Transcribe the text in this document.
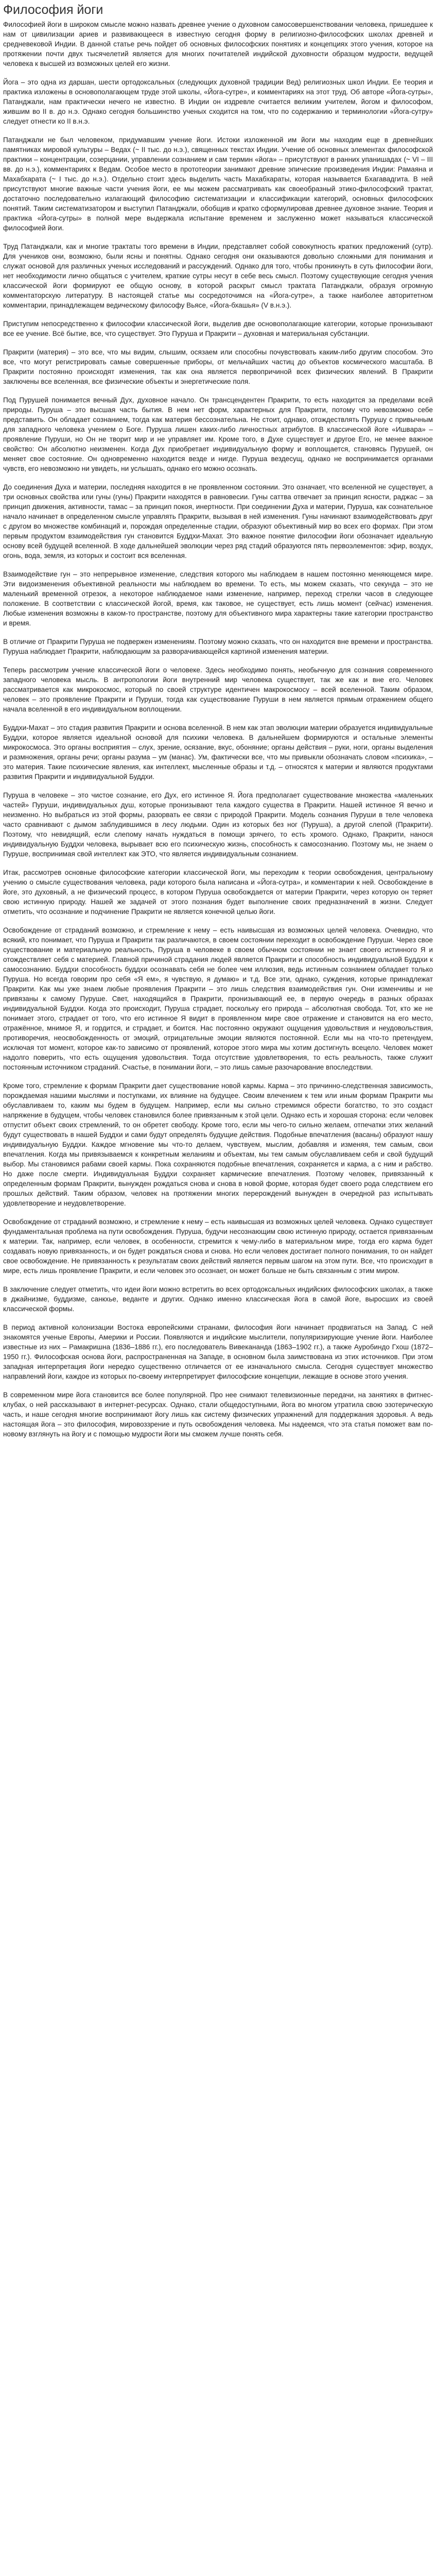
Философия йоги

Философией йоги в широком смысле можно назвать древнее учение о духовном самосовершенствовании человека, пришедшее к нам от цивилизации ариев и развивающееся в известную сегодня форму в религиозно-философских школах древней и средневековой Индии. В данной статье речь пойдет об основных философских понятиях и концепциях этого учения, которое на протяжении почти двух тысячелетий является для многих почитателей индийской духовности образцом мудрости, ведущей человека к высшей из возможных целей его жизни.

Йога – это одна из даршан, шести ортодоксальных (следующих духовной традиции Вед) религиозных школ Индии. Ее теория и практика изложены в основополагающем труде этой школы, «Йога-сутре», и комментариях на этот труд. Об авторе «Йога-сутры», Патанджали, нам практически нечего не известно. В Индии он издревле считается великим учителем, йогом и философом, жившим во II в. до н.э. Однако сегодня большинство ученых сходится на том, что по содержанию и терминологии «Йога-сутру» следует отнести ко II в.н.э.

Патанджали не был человеком, придумавшим учение йоги. Истоки изложенной им йоги мы находим еще в древнейших памятниках мировой культуры – Ведах (~ II тыс. до н.э.), священных текстах Индии. Учение об основных элементах философской практики – концентрации, созерцании, управлении сознанием и сам термин «йога» – присутствуют в ранних упанишадах (~ VI – III вв. до н.э.), комментариях к Ведам. Особое место в прототеории занимают древние эпические произведения Индии: Рамаяна и Махабхарата (~ I тыс. до н.э.). Отдельно стоит здесь выделить часть Махабхараты, которая называется Бхагавадгита. В ней присутствуют многие важные части учения йоги, ее мы можем рассматривать как своеобразный этико-философский трактат, достаточно последовательно излагающий философию систематизации и классификации категорий, основных философских понятий. Таким систематизатором и выступил Патанджали, обобщив и кратко сформулировав древнее духовное знание. Теория и практика «Йога-сутры» в полной мере выдержала испытание временем и заслуженно может называться классической философией йоги.

Труд Патанджали, как и многие трактаты того времени в Индии, представляет собой совокупность кратких предложений (сутр). Для учеников они, возможно, были ясны и понятны. Однако сегодня они оказываются довольно сложными для понимания и служат основой для различных ученых исследований и рассуждений. Однако для того, чтобы проникнуть в суть философии йоги, нет необходимости лично общаться с учителем, краткие сутры несут в себе весь смысл. Поэтому существующие сегодня учения классической йоги формируют ее общую основу, в которой раскрыт смысл трактата Патанджали, образуя огромную комментаторскую литературу. В настоящей статье мы сосредоточимся на «Йога-сутре», а также наиболее авторитетном комментарии, принадлежащем ведическому философу Вьясе, «Йога-бхашья» (V в.н.э.).

Приступим непосредственно к философии классической йоги, выделив две основополагающие категории, которые пронизывают все ее учение. Всё бытие, все, что существует. Это Пуруша и Пракрити – духовная и материальная субстанции.

Пракрити (материя) – это все, что мы видим, слышим, осязаем или способны почувствовать каким-либо другим способом. Это все, что могут регистрировать самые совершенные приборы, от мельчайших частиц до объектов космического масштаба. В Пракрити постоянно происходят изменения, так как она является первопричиной всех физических явлений. В Пракрити заключены все вселенная, все физические объекты и энергетические поля.

Под Пурушей понимается вечный Дух, духовное начало. Он трансцендентен Пракрити, то есть находится за пределами всей природы. Пуруша – это высшая часть бытия. В нем нет форм, характерных для Пракрити, потому что невозможно себе представить. Он обладает сознанием, тогда как материя бессознательна. Не стоит, однако, отождествлять Пурушу с привычным для западного человека учением о Боге. Пуруша лишен каких-либо личностных атрибутов. В классической йоге «Ишвара» – проявление Пуруши, но Он не творит мир и не управляет им. Кроме того, в Духе существует и другое Его, не менее важное свойство: Он абсолютно неизменен. Когда Дух приобретает индивидуальную форму и воплощается, становясь Пурушей, он меняет свое состояние. Он одновременно находится везде и нигде. Пуруша вездесущ, однако не воспринимается органами чувств, его невозможно ни увидеть, ни услышать, однако его можно осознать.

До соединения Духа и материи, последняя находится в не проявленном состоянии. Это означает, что вселенной не существует, а три основных свойства или гуны (гуны) Пракрити находятся в равновесии. Гуны саттва отвечает за принцип ясности, раджас – за принцип движения, активности, тамас – за принцип покоя, инертности. При соединении Духа и материи, Пуруша, как сознательное начало начинает в определенном смысле управлять Пракрити, вызывая в ней изменения. Гуны начинают взаимодействовать друг с другом во множестве комбинаций и, порождая определенные стадии, образуют объективный мир во всех его формах. При этом первым продуктом взаимодействия гун становится Буддхи-Махат. Это важное понятие философии йоги обозначает идеальную основу всей будущей вселенной. В ходе дальнейшей эволюции через ряд стадий образуются пять первоэлементов: эфир, воздух, огонь, вода, земля, из которых и состоит вся вселенная.

Взаимодействие гун – это непрерывное изменение, следствия которого мы наблюдаем в нашем постоянно меняющемся мире. Эти видоизменения объективной реальности мы наблюдаем во времени. То есть, мы можем сказать, что секунда – это не маленький временной отрезок, а некоторое наблюдаемое нами изменение, например, переход стрелки часов в следующее положение. В соответствии с классической йогой, время, как таковое, не существует, есть лишь момент (сейчас) изменения. Любые изменения возможны в каком-то пространстве, поэтому для объективного мира характерны такие категории пространство и время.

В отличие от Пракрити Пуруша не подвержен изменениям. Поэтому можно сказать, что он находится вне времени и пространства. Пуруша наблюдает Пракрити, наблюдающим за разворачивающейся картиной изменения материи.

Теперь рассмотрим учение классической йоги о человеке. Здесь необходимо понять, необычную для сознания современного западного человека мысль. В антропологии йоги внутренний мир человека существует, так же как и вне его. Человек рассматривается как микрокосмос, который по своей структуре идентичен макрокосмосу – всей вселенной. Таким образом, человек – это проявление Пракрити и Пуруши, тогда как существование Пуруши в нем является прямым отражением общего начала вселенной в его индивидуальном воплощении.

Буддхи-Махат – это стадия развития Пракрити и основа вселенной. В нем как этап эволюции материи образуется индивидуальные Буддхи, которое является идеальной основой для психики человека. В дальнейшем формируются и остальные элементы микрокосмоса. Это органы восприятия – слух, зрение, осязание, вкус, обоняние; органы действия – руки, ноги, органы выделения и размножения, органы речи; органы разума – ум (манас). Ум, фактически все, что мы привыкли обозначать словом «психика», – это материя. Такие психические явления, как интеллект, мысленные образы и т.д. – относятся к материи и являются продуктами развития Пракрити и индивидуальной Буддхи.

Пуруша в человеке – это чистое сознание, его Дух, его истинное Я. Йога предполагает существование множества «маленьких частей» Пуруши, индивидуальных душ, которые пронизывают тела каждого существа в Пракрити. Нашей истинное Я вечно и неизменно. Но выбраться из этой формы, разорвать ее связи с природой Пракрити. Модель сознания Пуруши в теле человека часто сравнивают с дымом заблудившимся в лесу людьми. Один из которых без ног (Пуруша), а другой слепой (Пракрити). Поэтому, что невидящий, если слепому начать нуждаться в помощи зрячего, то есть хромого. Однако, Пракрити, нанося индивидуальную Буддхи человека, вырывает всю его психическую жизнь, способность к самосознанию. Поэтому мы, не знаем о Пуруше, воспринимая свой интеллект как ЭТО, что является индивидуальным сознанием.

Итак, рассмотрев основные философские категории классической йоги, мы переходим к теории освобождения, центральному учению о смысле существования человека, ради которого была написана и «Йога-сутра», и комментарии к ней. Освобождение в йоге, это духовный, а не физический процесс, в котором Пуруша освобождается от материи Пракрити, через которую он теряет свою истинную природу. Нашей же задачей от этого познания будет выполнение своих предназначений в жизни. Следует отметить, что осознание и подчинение Пракрити не является конечной целью йоги.

Освобождение от страданий возможно, и стремление к нему – есть наивысшая из возможных целей человека. Очевидно, что всякий, кто понимает, что Пуруша и Пракрити так различаются, в своем состоянии переходит в освобождение Пуруши. Через свое существование и материальную реальность, Пуруша в человеке в своем обычном состоянии не знает своего истинного Я и отождествляет себя с материей. Главной причиной страдания людей является Пракрити и способность индивидуальной Буддхи к самосознанию. Буддхи способность буддхи осознавать себя не более чем иллюзия, ведь истинным сознанием обладает только Пуруша. Но всегда говорим про себя «Я ем», я чувствую, я думаю» и т.д. Все эти, однако, суждения, которые принадлежат Пракрити. Как мы уже знаем любые проявления Пракрити – это лишь следствия взаимодействия гун. Они изменчивы и не привязаны к самому Пуруше. Свет, находящийся в Пракрити, пронизывающий ее, в первую очередь в разных образах индивидуальной Буддхи. Когда это происходит, Пуруша страдает, поскольку его природа – абсолютная свобода. Тот, кто же не понимает этого, страдает от того, что его истинное Я видит в проявленном мире свое отражение и становится на его место, отражённое, мнимое Я, и гордится, и страдает, и боится. Нас постоянно окружают ощущения удовольствия и неудовольствия, противоречия, неосвобожденность от эмоций, отрицательные эмоции являются постоянной. Если мы на что-то претендуем, исключая тот момент, которое как-то зависимо от проявлений, которое этого мира мы хотим достигнуть всецело. Человек может надолго поверить, что есть ощущения удовольствия. Тогда отсутствие удовлетворения, то есть реальность, также служит постоянным источником страданий. Счастье, в понимании йоги, – это лишь самые разочарование впоследствии.

Кроме того, стремление к формам Пракрити дает существование новой кармы. Карма – это причинно-следственная зависимость, порождаемая нашими мыслями и поступками, их влияние на будущее. Своим влечением к тем или иным формам Пракрити мы обуславливаем то, каким мы будем в будущем. Например, если мы сильно стремимся обрести богатство, то это создаст напряжение в будущем, чтобы человек становился более привязанным к этой цели. Однако есть и хорошая сторона: если человек отпустит объект своих стремлений, то он обретет свободу. Кроме того, если мы чего-то сильно желаем, отпечатки этих желаний будут существовать в нашей Буддхи и сами будут определять будущие действия. Подобные впечатления (васаны) образуют нашу индивидуальную Буддхи. Каждое мгновение мы что-то делаем, чувствуем, мыслим, добавляя и изменяя, тем самым, свои впечатления. Когда мы привязываемся к конкретным желаниям и объектам, мы тем самым обуславливаем себя и свой будущий выбор. Мы становимся рабами своей кармы. Пока сохраняются подобные впечатления, сохраняется и карма, а с ним и рабство. Но даже после смерти. Индивидуальная Буддхи сохраняет кармические впечатления. Поэтому человек, привязанный к определенным формам Пракрити, вынужден рождаться снова и снова в новой форме, которая будет своего рода следствием его прошлых действий. Таким образом, человек на протяжении многих перерождений вынужден в очередной раз испытывать удовлетворение и неудовлетворение.

Освобождение от страданий возможно, и стремление к нему – есть наивысшая из возможных целей человека. Однако существует фундаментальная проблема на пути освобождения. Пуруша, будучи несознающим свою истинную природу, остается привязанным к материи. Так, например, если человек, в особенности, стремится к чему-либо в материальном мире, тогда его карма будет создавать новую привязанность, и он будет рождаться снова и снова. Но если человек достигает полного понимания, то он найдет свое освобождение. Не привязанность к результатам своих действий является первым шагом на этом пути. Все, что происходит в мире, есть лишь проявление Пракрити, и если человек это осознает, он может больше не быть связанным с этим миром.

В заключение следует отметить, что идеи йоги можно встретить во всех ортодоксальных индийских философских школах, а также в джайнизме, буддизме, санкхье, веданте и других. Однако именно классическая йога в самой йоге, выросших из своей классической формы.

В период активной колонизации Востока европейскими странами, философия йоги начинает продвигаться на Запад. С ней знакомятся ученые Европы, Америки и России. Появляются и индийские мыслители, популяризирующие учение йоги. Наиболее известные из них – Рамакришна (1836–1886 гг.), его последователь Вивекананда (1863–1902 гг.), а также Ауробиндо Гхош (1872–1950 гг.). Философская основа йоги, распространенная на Западе, в основном была заимствована из этих источников. При этом западная интерпретация йоги нередко существенно отличается от ее изначального смысла. Сегодня существует множество направлений йоги, каждое из которых по-своему интерпретирует философские концепции, лежащие в основе этого учения.

В современном мире йога становится все более популярной. Про нее снимают телевизионные передачи, на занятиях в фитнес-клубах, о ней рассказывают в интернет-ресурсах. Однако, стали общедоступными, йога во многом утратила свою эзотерическую часть, и наше сегодня многие воспринимают йогу лишь как систему физических упражнений для поддержания здоровья. А ведь настоящая йога – это философия, мировоззрение и путь освобождения человека. Мы надеемся, что эта статья поможет вам по-новому взглянуть на йогу и с помощью мудрости йоги мы сможем лучше понять себя.
